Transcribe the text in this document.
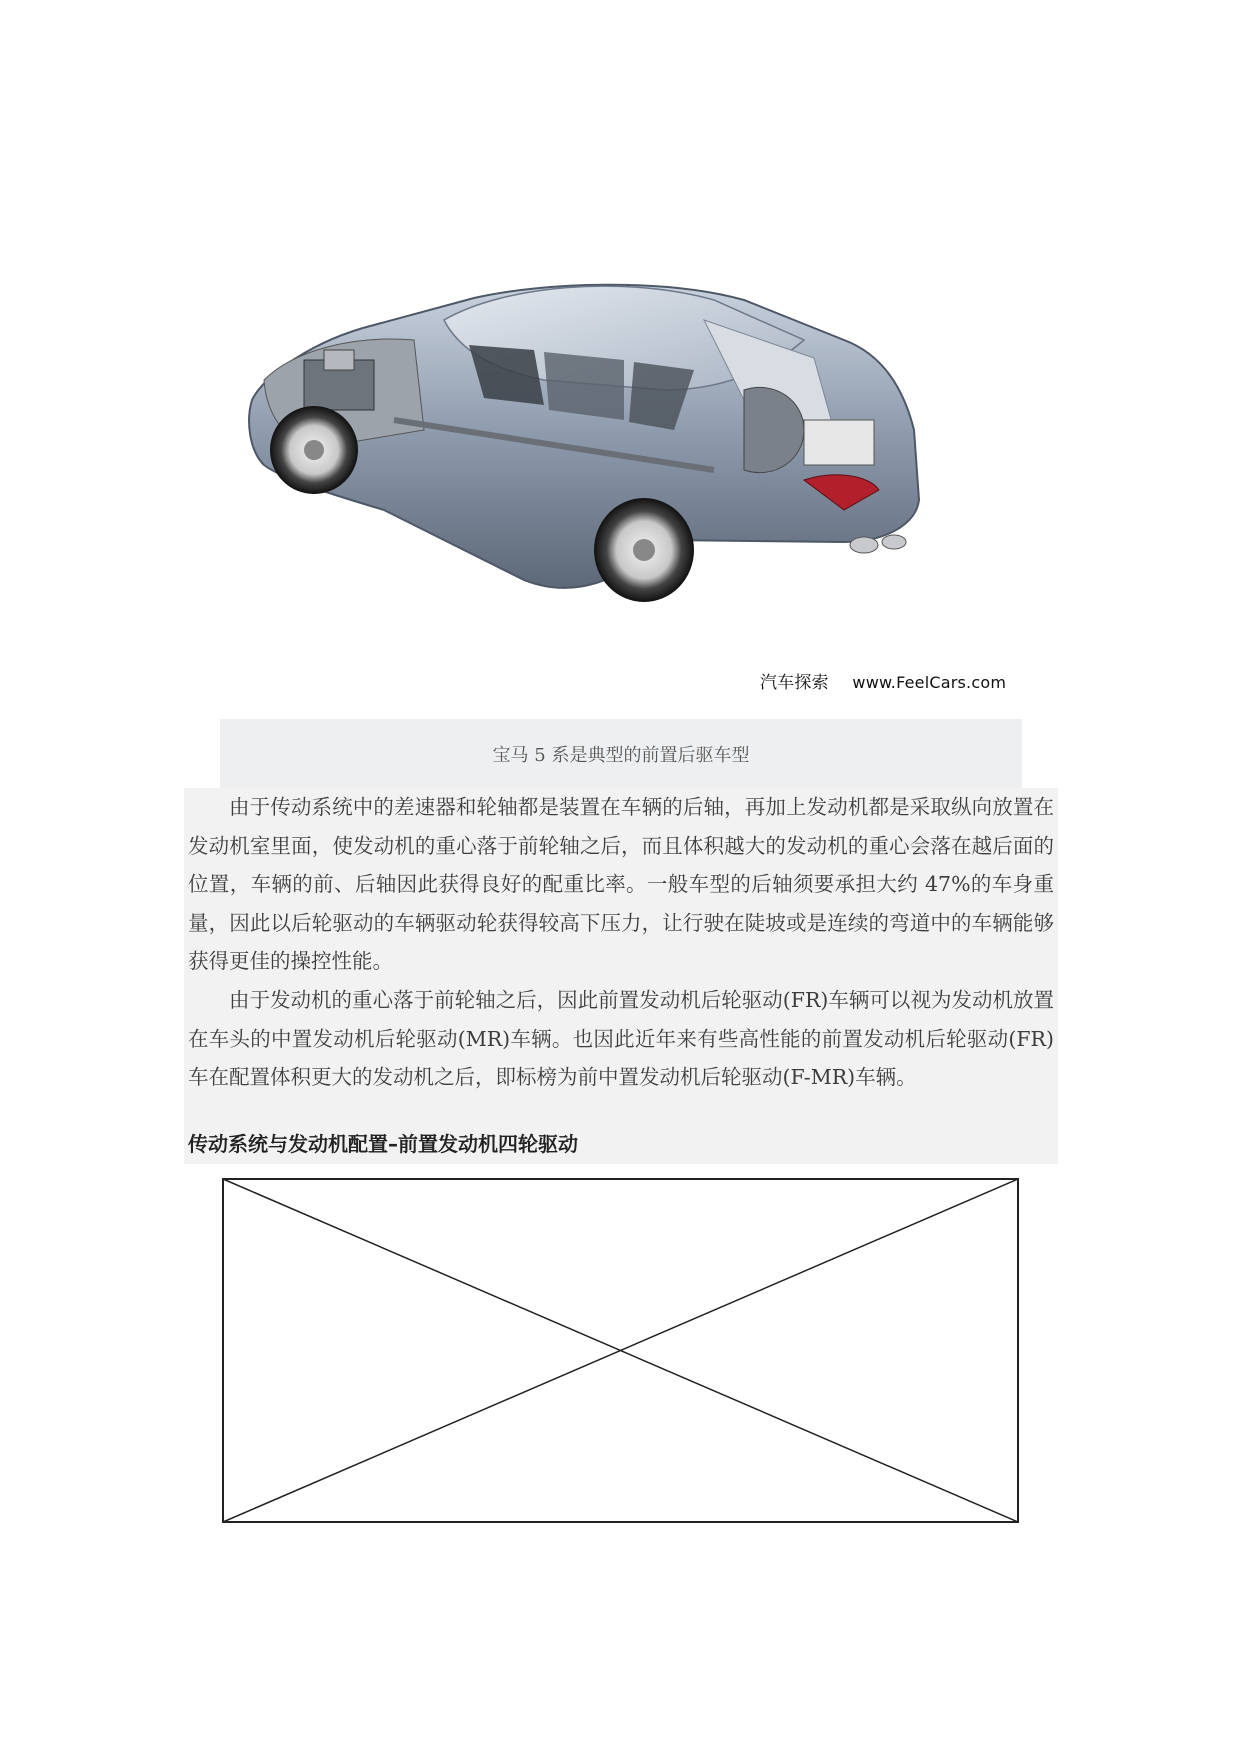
汽车探索 www.FeelCars.com
宝马 5 系是典型的前置后驱车型

由于传动系统中的差速器和轮轴都是装置在车辆的后轴，再加上发动机都是采取纵向放置在发动机室里面，使发动机的重心落于前轮轴之后，而且体积越大的发动机的重心会落在越后面的位置，车辆的前、后轴因此获得良好的配重比率。一般车型的后轴须要承担大约 47%的车身重量，因此以后轮驱动的车辆驱动轮获得较高下压力，让行驶在陡坡或是连续的弯道中的车辆能够获得更佳的操控性能。

由于发动机的重心落于前轮轴之后，因此前置发动机后轮驱动(FR)车辆可以视为发动机放置在车头的中置发动机后轮驱动(MR)车辆。也因此近年来有些高性能的前置发动机后轮驱动(FR)车在配置体积更大的发动机之后，即标榜为前中置发动机后轮驱动(F-MR)车辆。

传动系统与发动机配置–前置发动机四轮驱动
